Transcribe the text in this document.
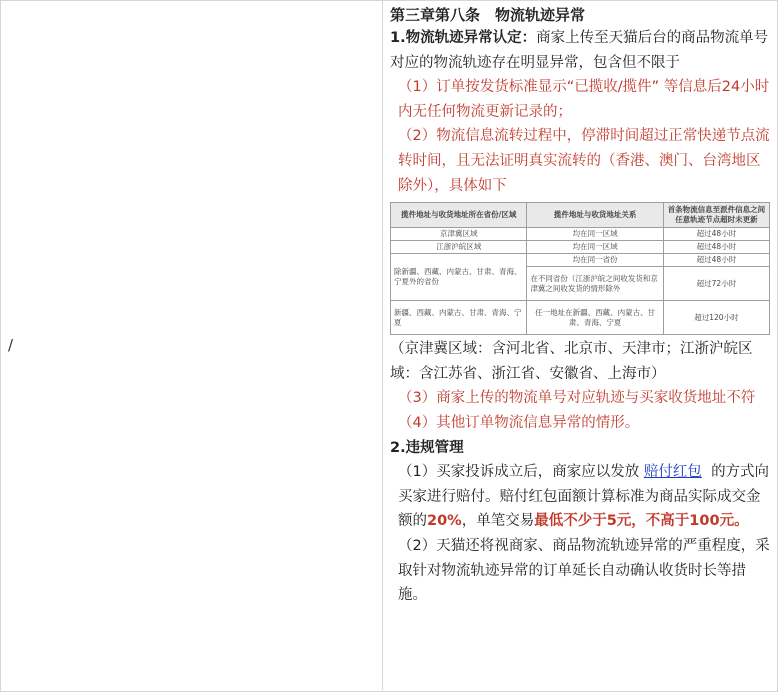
/

第三章第八条　物流轨迹异常

1.物流轨迹异常认定：商家上传至天猫后台的商品物流单号对应的物流轨迹存在明显异常，包含但不限于

（1）订单按发货标准显示“已揽收/揽件” 等信息后24小时内无任何物流更新记录的；

（2）物流信息流转过程中，停滞时间超过正常快递节点流转时间，且无法证明真实流转的（香港、澳门、台湾地区除外），具体如下

揽件地址与收货地址所在省份/区域	揽件地址与收货地址关系	首条物流信息至派件信息之间任意轨迹节点超时未更新
京津冀区域	均在同一区域	超过48小时
江浙沪皖区域	均在同一区域	超过48小时
除新疆、西藏、内蒙古、甘肃、青海、宁夏外的省份	均在同一省份	超过48小时
	在不同省份（江浙沪皖之间收发货和京津冀之间收发货的情形除外	超过72小时
新疆、西藏、内蒙古、甘肃、青海、宁夏	任一地址在新疆、西藏、内蒙古、甘肃、青海、宁夏	超过120小时

（京津冀区域：含河北省、北京市、天津市；江浙沪皖区域：含江苏省、浙江省、安徽省、上海市）

（3）商家上传的物流单号对应轨迹与买家收货地址不符

（4）其他订单物流信息异常的情形。

2.违规管理

（1）买家投诉成立后，商家应以发放 赔付红包 的方式向买家进行赔付。赔付红包面额计算标准为商品实际成交金额的20%，单笔交易最低不少于5元，不高于100元。

（2）天猫还将视商家、商品物流轨迹异常的严重程度，采取针对物流轨迹异常的订单延长自动确认收货时长等措施。
